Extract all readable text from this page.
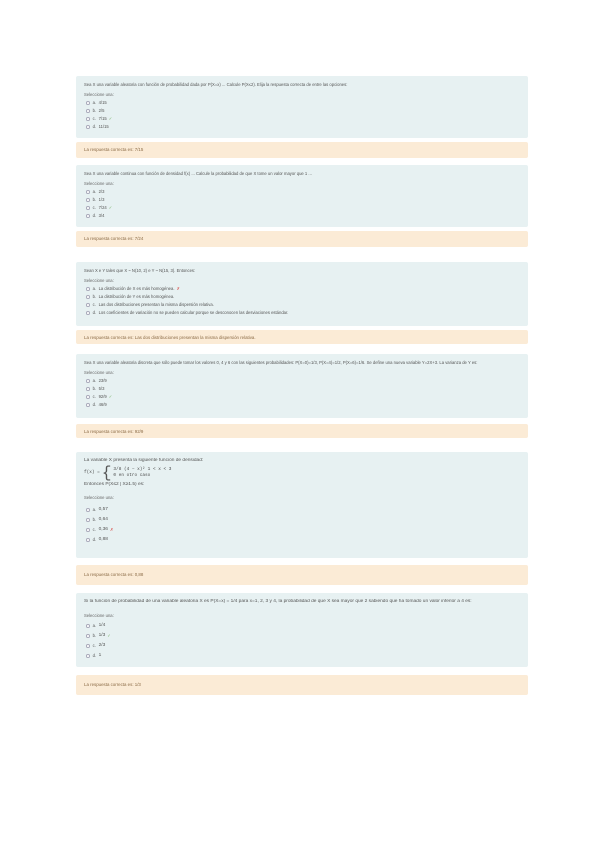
Sea X una variable aleatoria con función de probabilidad dada por P(X=x) ... Calcule P(X≤2). Elija la respuesta correcta de entre las opciones:
Seleccione una:
a. 4/15
b. 2/5
c. 7/15 ✓
d. 11/15
La respuesta correcta es: 7/15
Sea X una variable continua con función de densidad f(x) ... Calcule la probabilidad de que X tome un valor mayor que 1 ...
Seleccione una:
a. 2/3
b. 1/3
c. 7/24 ✓
d. 3/4
La respuesta correcta es: 7/24
Sean X e Y tales que X ~ N(10, 2) e Y ~ N(15, 3). Entonces:
Seleccione una:
a. La distribución de X es más homogénea. ✗
b. La distribución de Y es más homogénea.
c. Las dos distribuciones presentan la misma dispersión relativa.
d. Los coeficientes de variación no se pueden calcular porque se desconocen las desviaciones estándar.
La respuesta correcta es: Las dos distribuciones presentan la misma dispersión relativa.
Sea X una variable aleatoria discreta que sólo puede tomar los valores 0, 4 y 6 con las siguientes probabilidades: P(X=0)=1/3, P(X=4)=1/2, P(X=6)=1/6. Se define una nueva variable Y=2X+3. La varianza de Y es:
Seleccione una:
a. 23/9
b. 5/3
c. 92/9 ✓
d. 46/9
La respuesta correcta es: 92/9
La variable X presenta la siguiente función de densidad:
f(x) = { 3/8 (4 − x)² 1 < x < 3
0 en otro caso
Entonces P(X≤2 | X≥1.5) es:
Seleccione una:
a. 0,57
b. 0,64
c. 0,36 ✗
d. 0,88
La respuesta correcta es: 0,88
Si la función de probabilidad de una variable aleatoria X es P(X=x) = 1/4 para x=1, 2, 3 y 4, la probabilidad de que X sea mayor que 2 sabiendo que ha tomado un valor inferior a 4 es:
Seleccione una:
a. 1/4
b. 1/3 ✓
c. 2/3
d. 1
La respuesta correcta es: 1/3
